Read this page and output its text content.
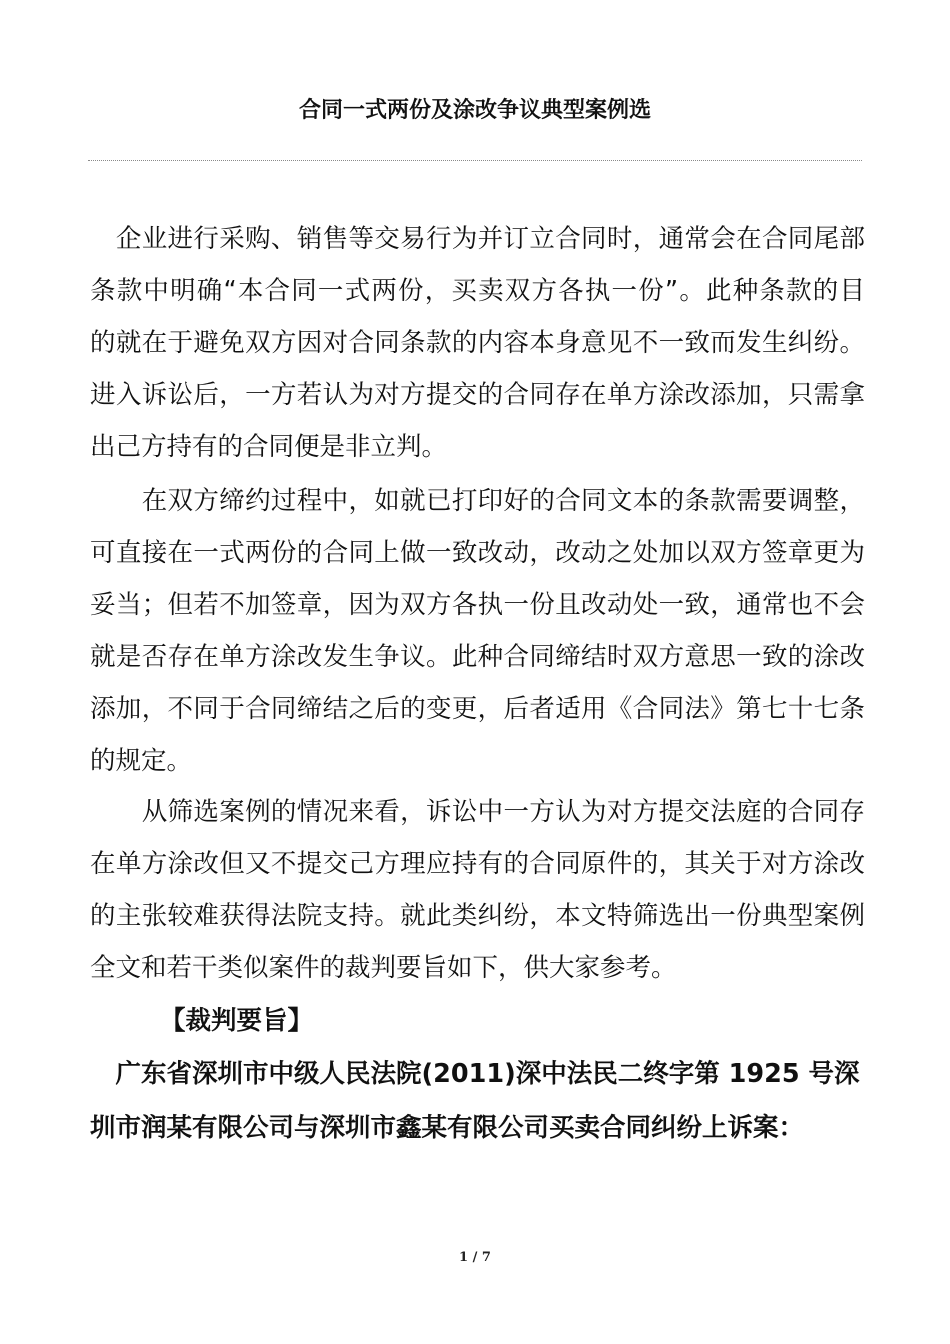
合同一式两份及涂改争议典型案例选
　企业进行采购、销售等交易行为并订立合同时，通常会在合同尾部
条款中明确“本合同一式两份，买卖双方各执一份”。此种条款的目
的就在于避免双方因对合同条款的内容本身意见不一致而发生纠纷。
进入诉讼后，一方若认为对方提交的合同存在单方涂改添加，只需拿
出己方持有的合同便是非立判。
　　在双方缔约过程中，如就已打印好的合同文本的条款需要调整，
可直接在一式两份的合同上做一致改动，改动之处加以双方签章更为
妥当；但若不加签章，因为双方各执一份且改动处一致，通常也不会
就是否存在单方涂改发生争议。此种合同缔结时双方意思一致的涂改
添加，不同于合同缔结之后的变更，后者适用《合同法》第七十七条
的规定。
　　从筛选案例的情况来看，诉讼中一方认为对方提交法庭的合同存
在单方涂改但又不提交己方理应持有的合同原件的，其关于对方涂改
的主张较难获得法院支持。就此类纠纷，本文特筛选出一份典型案例
全文和若干类似案件的裁判要旨如下，供大家参考。
【裁判要旨】
　广东省深圳市中级人民法院(2011)深中法民二终字第 1925 号深
圳市润某有限公司与深圳市鑫某有限公司买卖合同纠纷上诉案：
1 / 7
